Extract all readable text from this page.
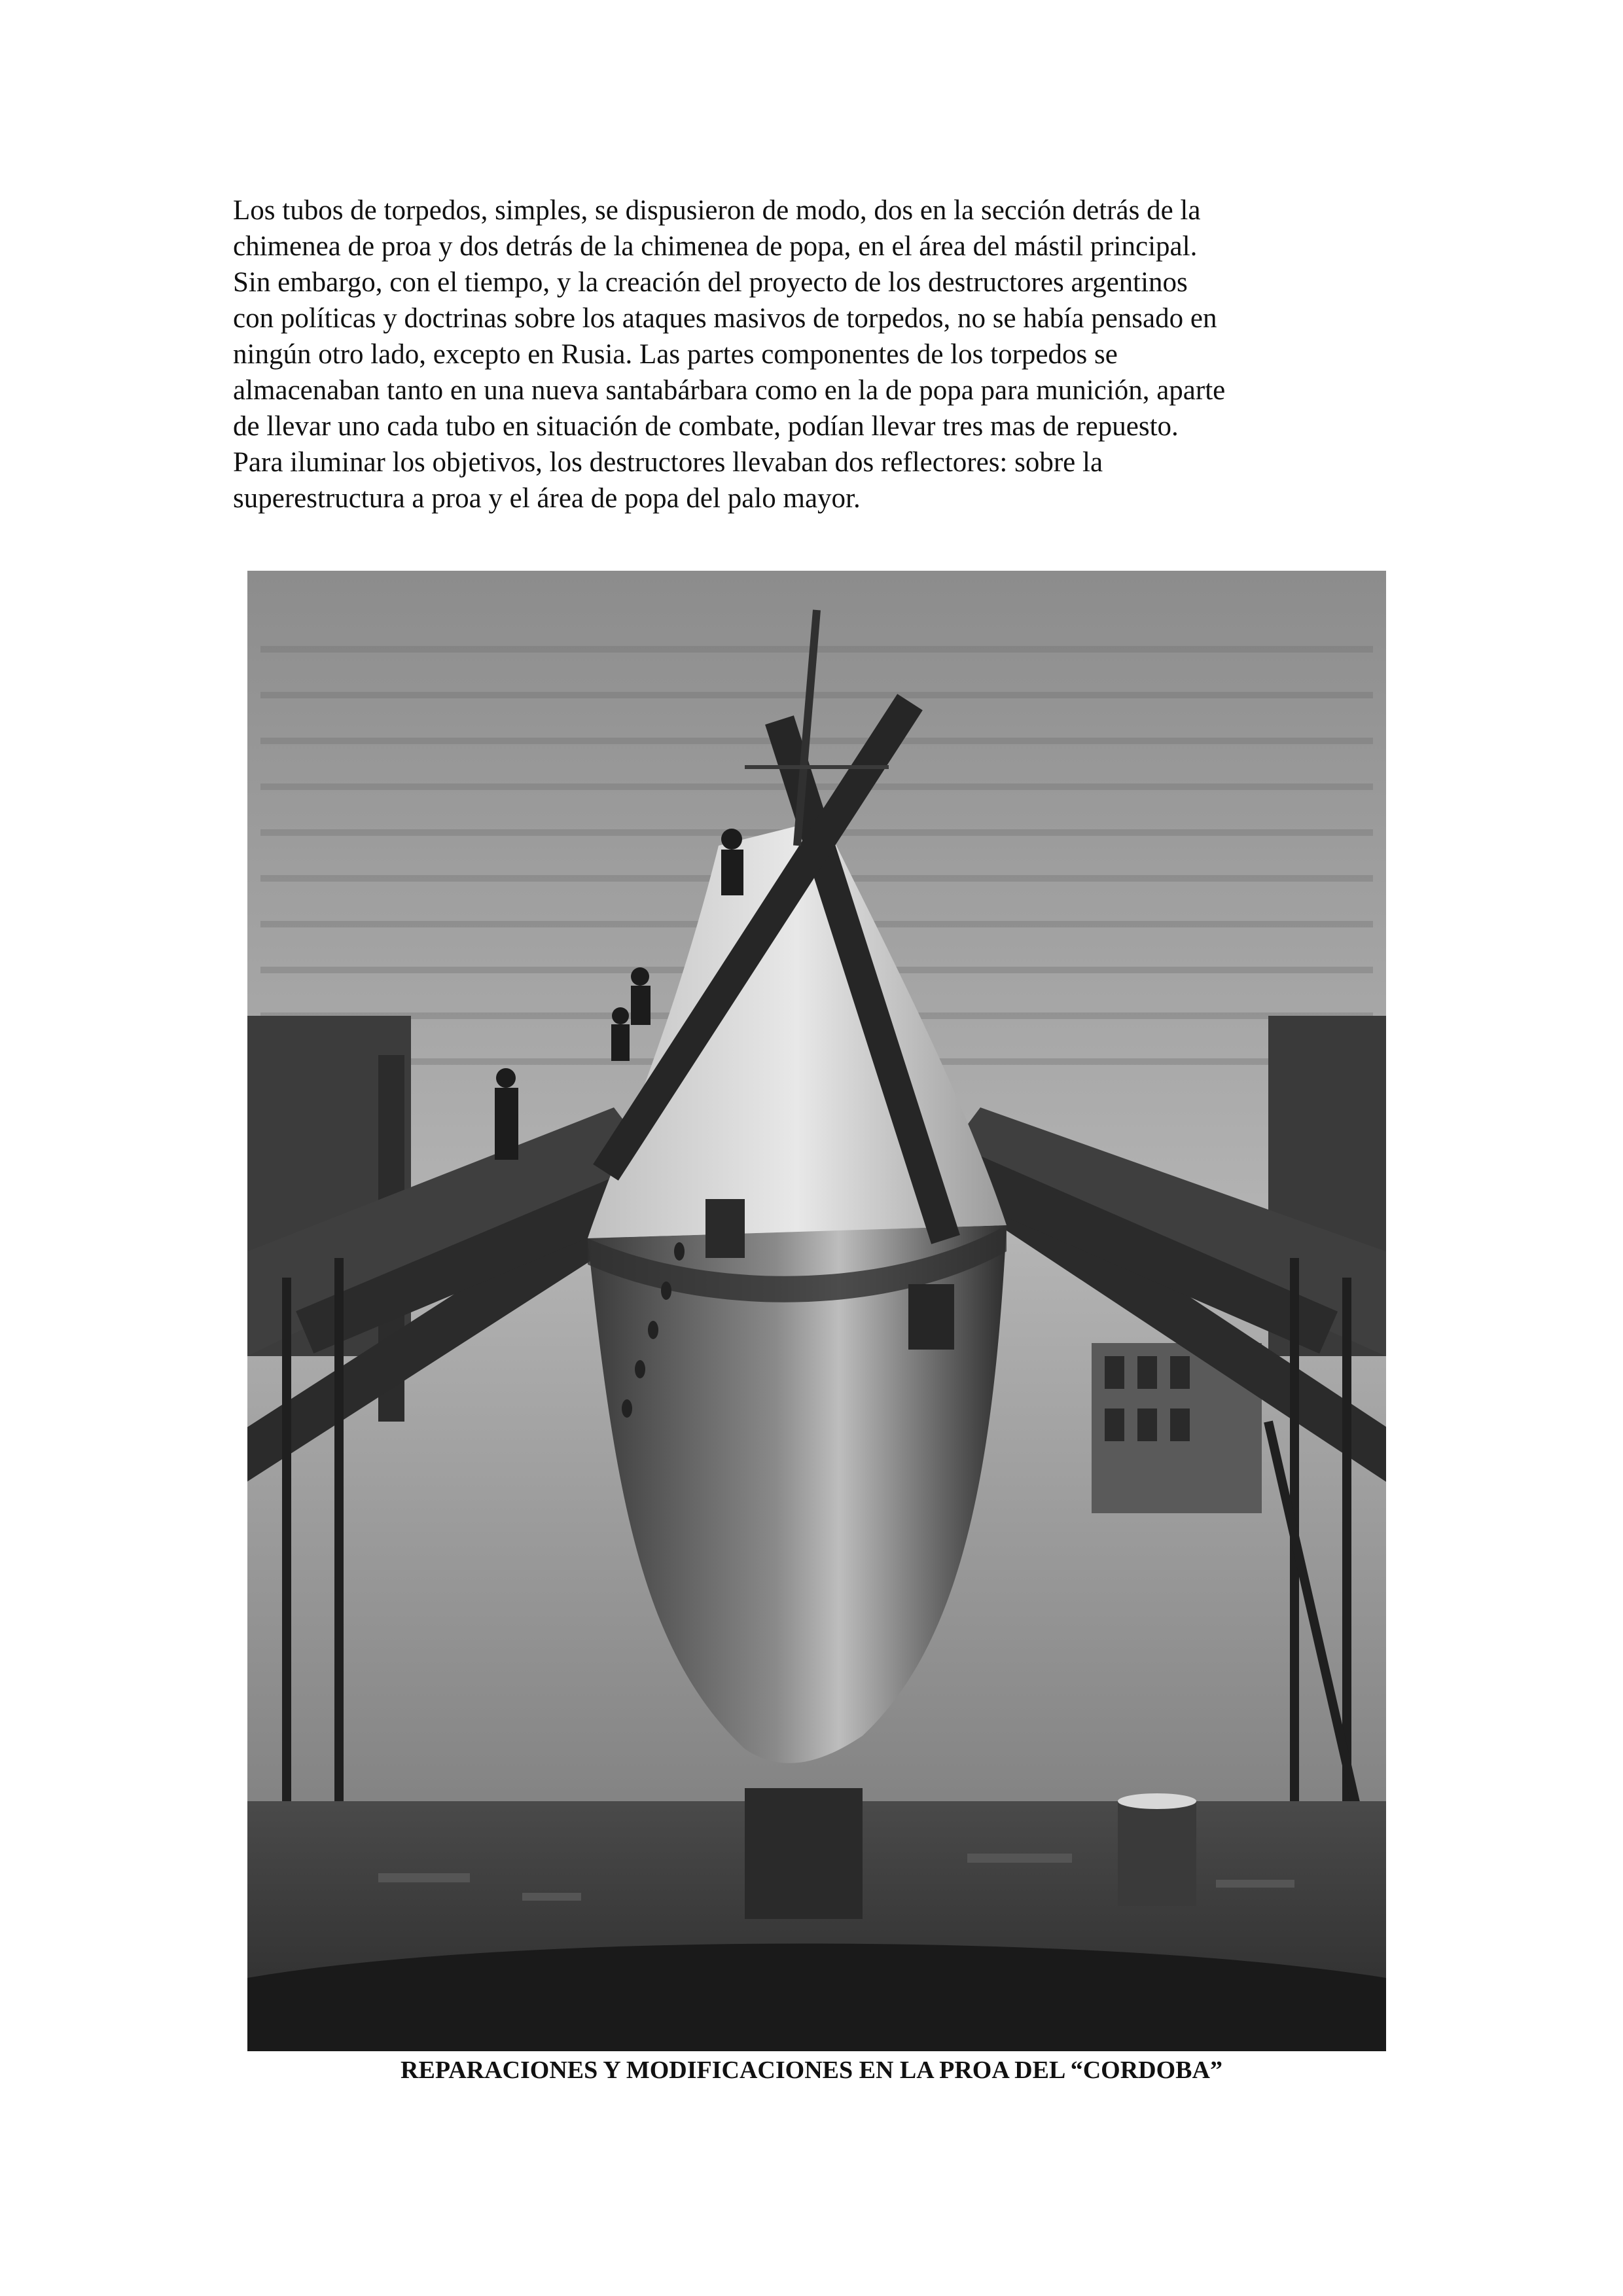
Los tubos de torpedos, simples, se dispusieron de modo, dos en la sección detrás de la
chimenea de proa y dos detrás de la chimenea de popa, en el área del mástil principal.
Sin embargo, con el tiempo, y la creación del proyecto de los destructores argentinos
con políticas y doctrinas sobre los ataques masivos de torpedos, no se había pensado en
ningún otro lado, excepto en Rusia. Las partes componentes de los torpedos se
almacenaban tanto en una nueva santabárbara como en la de popa para munición, aparte
de llevar uno cada tubo en situación de combate, podían llevar tres mas de repuesto.
Para iluminar los objetivos, los destructores llevaban dos reflectores: sobre la
superestructura a proa y el área de popa del palo mayor.
REPARACIONES Y MODIFICACIONES EN LA PROA DEL “CORDOBA”
